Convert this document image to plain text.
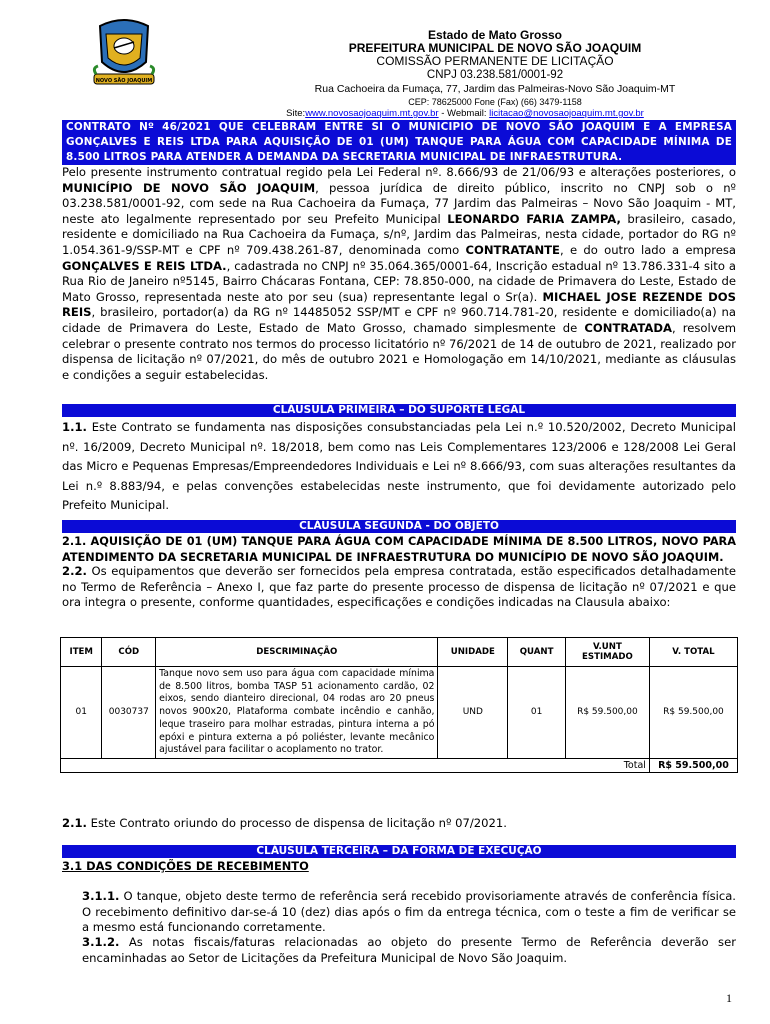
NOVO SÃO JOAQUIM
Estado de Mato Grosso
PREFEITURA MUNICIPAL DE NOVO SÃO JOAQUIM
COMISSÃO PERMANENTE DE LICITAÇÃO
CNPJ 03.238.581/0001-92
Rua Cachoeira da Fumaça, 77, Jardim das Palmeiras-Novo São Joaquim-MT
CEP: 78625000 Fone (Fax) (66) 3479-1158
Site:www.novosaojoaquim.mt.gov.br - Webmail: licitacao@novosaojoaquim.mt.gov.br
CONTRATO Nº 46/2021 QUE CELEBRAM ENTRE SI O MUNICIPIO DE NOVO SÃO JOAQUIM E A EMPRESA GONÇALVES E REIS LTDA PARA AQUISIÇÃO DE 01 (UM) TANQUE PARA ÁGUA COM CAPACIDADE MÍNIMA DE 8.500 LITROS PARA ATENDER A DEMANDA DA SECRETARIA MUNICIPAL DE INFRAESTRUTURA.
Pelo presente instrumento contratual regido pela Lei Federal nº. 8.666/93 de 21/06/93 e alterações posteriores, o MUNICÍPIO DE NOVO SÃO JOAQUIM, pessoa jurídica de direito público, inscrito no CNPJ sob o nº 03.238.581/0001-92, com sede na Rua Cachoeira da Fumaça, 77 Jardim das Palmeiras – Novo São Joaquim - MT, neste ato legalmente representado por seu Prefeito Municipal LEONARDO FARIA ZAMPA, brasileiro, casado, residente e domiciliado na Rua Cachoeira da Fumaça, s/nº, Jardim das Palmeiras, nesta cidade, portador do RG nº 1.054.361-9/SSP-MT e CPF nº 709.438.261-87, denominada como CONTRATANTE, e do outro lado a empresa GONÇALVES E REIS LTDA., cadastrada no CNPJ nº 35.064.365/0001-64, Inscrição estadual nº 13.786.331-4 sito a Rua Rio de Janeiro nº5145, Bairro Chácaras Fontana, CEP: 78.850-000, na cidade de Primavera do Leste, Estado de Mato Grosso, representada neste ato por seu (sua) representante legal o Sr(a). MICHAEL JOSE REZENDE DOS REIS, brasileiro, portador(a) da RG nº 14485052 SSP/MT e CPF nº 960.714.781-20, residente e domiciliado(a) na cidade de Primavera do Leste, Estado de Mato Grosso, chamado simplesmente de CONTRATADA, resolvem celebrar o presente contrato nos termos do processo licitatório nº 76/2021 de 14 de outubro de 2021, realizado por dispensa de licitação nº 07/2021, do mês de outubro 2021 e Homologação em 14/10/2021, mediante as cláusulas e condições a seguir estabelecidas.
CLÁUSULA PRIMEIRA – DO SUPORTE LEGAL
1.1. Este Contrato se fundamenta nas disposições consubstanciadas pela Lei n.º 10.520/2002, Decreto Municipal nº. 16/2009, Decreto Municipal nº. 18/2018, bem como nas Leis Complementares 123/2006 e 128/2008 Lei Geral das Micro e Pequenas Empresas/Empreendedores Individuais e Lei nº 8.666/93, com suas alterações resultantes da Lei n.º 8.883/94, e pelas convenções estabelecidas neste instrumento, que foi devidamente autorizado pelo Prefeito Municipal.
CLÁUSULA SEGUNDA - DO OBJETO
2.1. AQUISIÇÃO DE 01 (UM) TANQUE PARA ÁGUA COM CAPACIDADE MÍNIMA DE 8.500 LITROS, NOVO PARA ATENDIMENTO DA SECRETARIA MUNICIPAL DE INFRAESTRUTURA DO MUNICÍPIO DE NOVO SÃO JOAQUIM.
2.2. Os equipamentos que deverão ser fornecidos pela empresa contratada, estão especificados detalhadamente no Termo de Referência – Anexo I, que faz parte do presente processo de dispensa de licitação nº 07/2021 e que ora integra o presente, conforme quantidades, especificações e condições indicadas na Clausula abaixo:
ITEM	CÓD	DESCRIMINAÇÃO	UNIDADE	QUANT	V.UNT ESTIMADO	V. TOTAL
01	0030737	Tanque novo sem uso para água com capacidade mínima de 8.500 litros, bomba TASP 51 acionamento cardão, 02 eixos, sendo dianteiro direcional, 04 rodas aro 20 pneus novos 900x20, Plataforma combate incêndio e canhão, leque traseiro para molhar estradas, pintura interna a pó epóxi e pintura externa a pó poliéster, levante mecânico ajustável para facilitar o acoplamento no trator.	UND	01	R$ 59.500,00	R$ 59.500,00
Total						R$ 59.500,00
2.1. Este Contrato oriundo do processo de dispensa de licitação nº 07/2021.
CLÁUSULA TERCEIRA – DA FORMA DE EXECUÇÃO
3.1 DAS CONDIÇÕES DE RECEBIMENTO
3.1.1. O tanque, objeto deste termo de referência será recebido provisoriamente através de conferência física. O recebimento definitivo dar-se-á 10 (dez) dias após o fim da entrega técnica, com o teste a fim de verificar se a mesmo está funcionando corretamente.
3.1.2. As notas fiscais/faturas relacionadas ao objeto do presente Termo de Referência deverão ser encaminhadas ao Setor de Licitações da Prefeitura Municipal de Novo São Joaquim.
1
